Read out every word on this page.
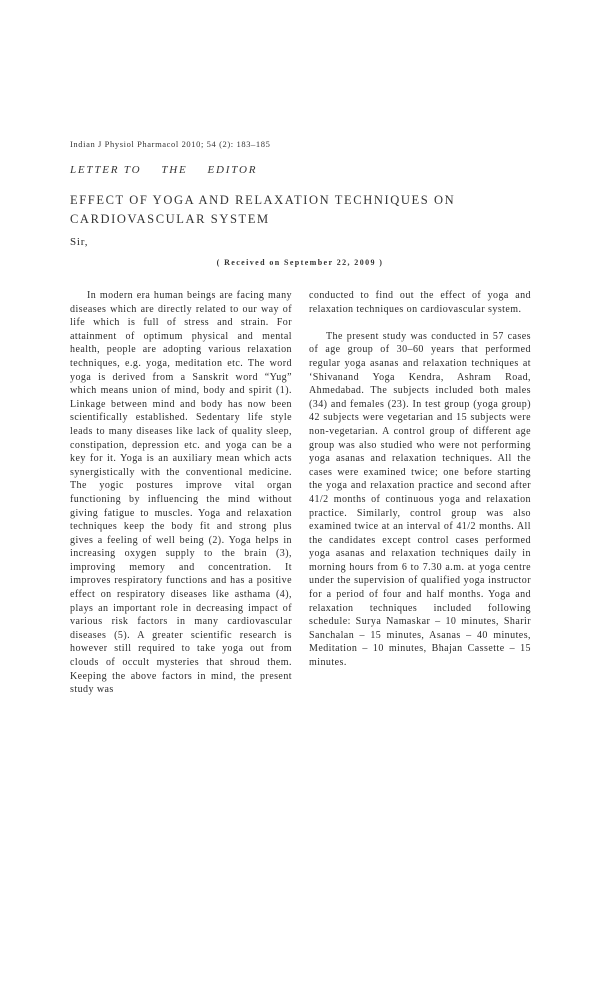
Indian J Physiol Pharmacol 2010; 54 (2): 183–185
LETTER TO THE EDITOR
EFFECT OF YOGA AND RELAXATION TECHNIQUES ON CARDIOVASCULAR SYSTEM
Sir,
( Received on September 22, 2009 )

In modern era human beings are facing many diseases which are directly related to our way of life which is full of stress and strain. For attainment of optimum physical and mental health, people are adopting various relaxation techniques, e.g. yoga, meditation etc. The word yoga is derived from a Sanskrit word “Yug” which means union of mind, body and spirit (1). Linkage between mind and body has now been scientifically established. Sedentary life style leads to many diseases like lack of quality sleep, constipation, depression etc. and yoga can be a key for it. Yoga is an auxiliary mean which acts synergistically with the conventional medicine. The yogic postures improve vital organ functioning by influencing the mind without giving fatigue to muscles. Yoga and relaxation techniques keep the body fit and strong plus gives a feeling of well being (2). Yoga helps in increasing oxygen supply to the brain (3), improving memory and concentration. It improves respiratory functions and has a positive effect on respiratory diseases like asthama (4), plays an important role in decreasing impact of various risk factors in many cardiovascular diseases (5). A greater scientific research is however still required to take yoga out from clouds of occult mysteries that shroud them. Keeping the above factors in mind, the present study was

conducted to find out the effect of yoga and relaxation techniques on cardiovascular system.

The present study was conducted in 57 cases of age group of 30–60 years that performed regular yoga asanas and relaxation techniques at ‘Shivanand Yoga Kendra, Ashram Road, Ahmedabad. The subjects included both males (34) and females (23). In test group (yoga group) 42 subjects were vegetarian and 15 subjects were non-vegetarian. A control group of different age group was also studied who were not performing yoga asanas and relaxation techniques. All the cases were examined twice; one before starting the yoga and relaxation practice and second after 41/2 months of continuous yoga and relaxation practice. Similarly, control group was also examined twice at an interval of 41/2 months. All the candidates except control cases performed yoga asanas and relaxation techniques daily in morning hours from 6 to 7.30 a.m. at yoga centre under the supervision of qualified yoga instructor for a period of four and half months. Yoga and relaxation techniques included following schedule: Surya Namaskar – 10 minutes, Sharir Sanchalan – 15 minutes, Asanas – 40 minutes, Meditation – 10 minutes, Bhajan Cassette – 15 minutes.
